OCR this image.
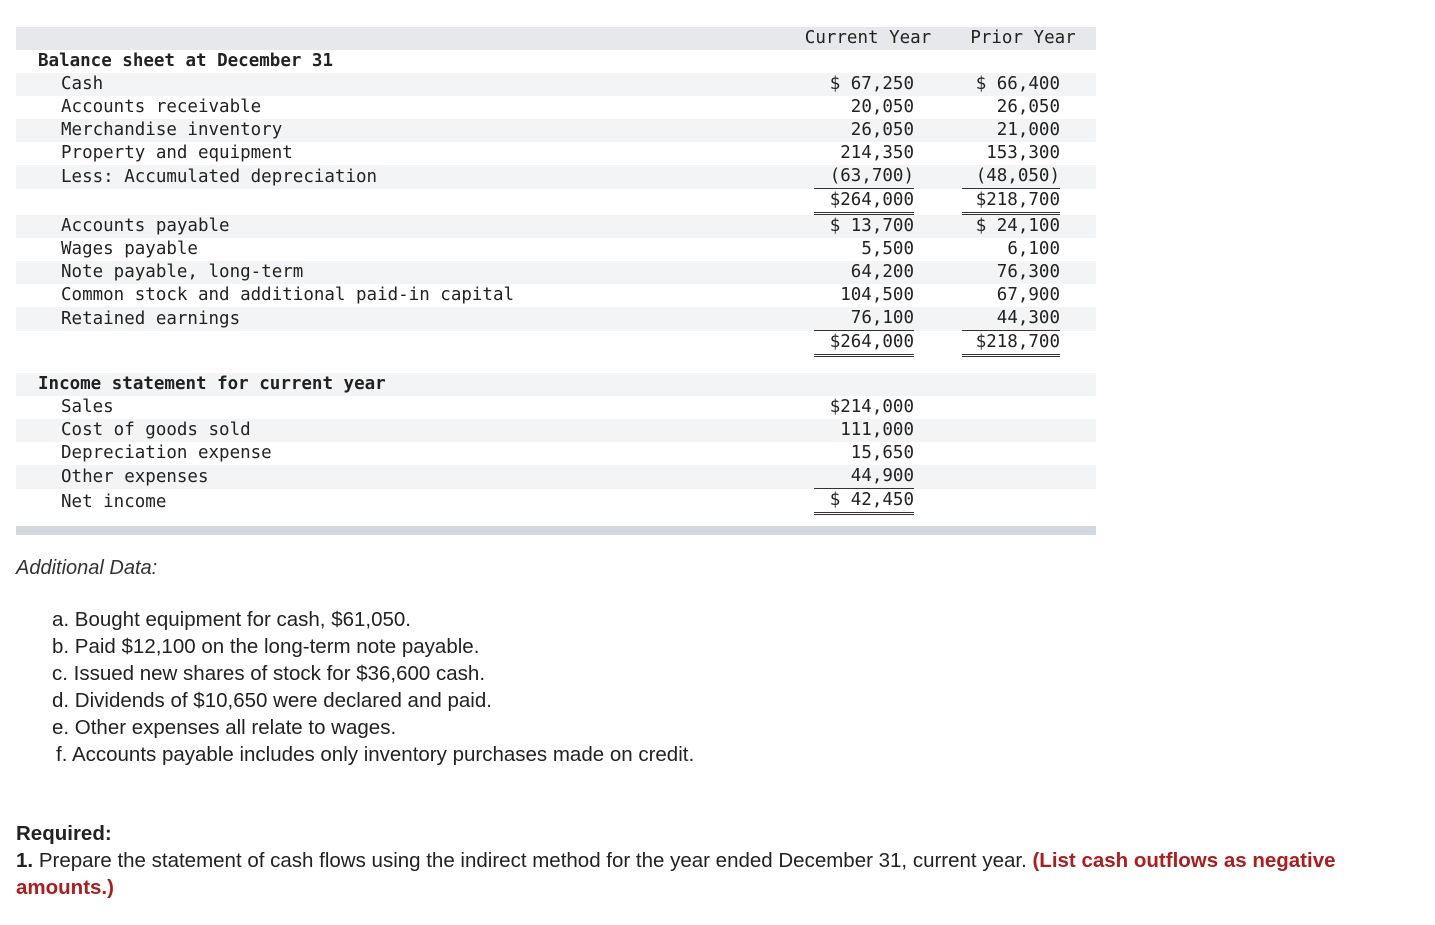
	Current Year	Prior Year
Balance sheet at December 31		
Cash	$ 67,250	$ 66,400

Accounts receivable	20,050	26,050

Merchandise inventory	26,050	21,000

Property and equipment	214,350	153,300

Less: Accumulated depreciation	(63,700)	(48,050)

	$264,000	$218,700

Accounts payable	$ 13,700	$ 24,100

Wages payable	5,500	6,100

Note payable, long-term	64,200	76,300

Common stock and additional paid-in capital	104,500	67,900

Retained earnings	76,100	44,300

	$264,000	$218,700

Income statement for current year		
Sales	$214,000	

Cost of goods sold	111,000	

Depreciation expense	15,650	

Other expenses	44,900	

Net income	$ 42,450	

Additional Data:
a. Bought equipment for cash, $61,050.
b. Paid $12,100 on the long-term note payable.
c. Issued new shares of stock for $36,600 cash.
d. Dividends of $10,650 were declared and paid.
e. Other expenses all relate to wages.
f. Accounts payable includes only inventory purchases made on credit.
Required:
1. Prepare the statement of cash flows using the indirect method for the year ended December 31, current year. (List cash outflows as negative amounts.)
